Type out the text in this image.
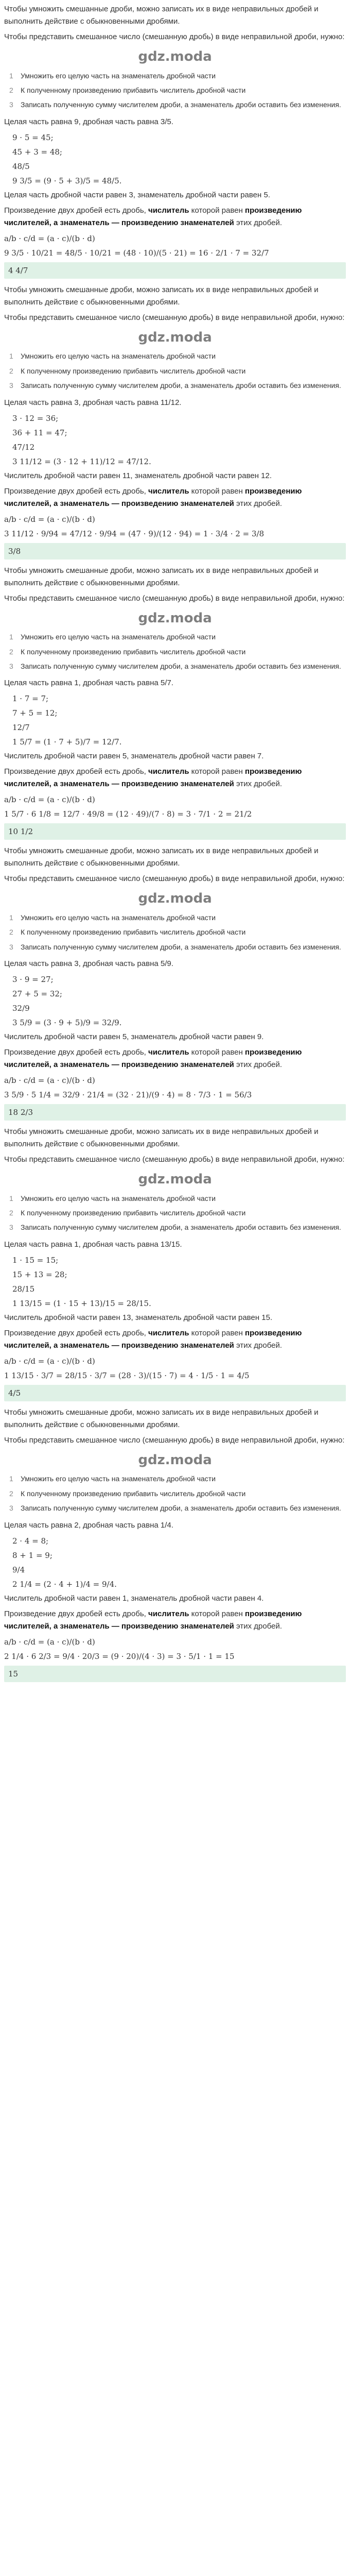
Чтобы умножить смешанные дроби, можно записать их в виде неправильных дробей и выполнить действие с обыкновенными дробями.

Чтобы представить смешанное число (смешанную дробь) в виде неправильной дроби, нужно:

gdz.moda
1	Умножить его целую часть на знаменатель дробной части
2	К полученному произведению прибавить числитель дробной части
3	Записать полученную сумму числителем дроби, а знаменатель дроби оставить без изменения.

Целая часть равна 9, дробная часть равна 3/5.

9 · 5 = 45;
45 + 3 = 48;
48/5
9 3/5 = (9 · 5 + 3)/5 = 48/5.

Целая часть дробной части равен 3, знаменатель дробной части равен 5.

Произведение двух дробей есть дробь, числитель которой равен произведению числителей, а знаменатель — произведению знаменателей этих дробей.

a/b · c/d = (a · c)/(b · d)
9 3/5 · 10/21 = 48/5 · 10/21 = (48 · 10)/(5 · 21) = 16 · 2/1 · 7 = 32/7
4 4/7

Чтобы умножить смешанные дроби, можно записать их в виде неправильных дробей и выполнить действие с обыкновенными дробями.

Чтобы представить смешанное число (смешанную дробь) в виде неправильной дроби, нужно:

gdz.moda
1	Умножить его целую часть на знаменатель дробной части
2	К полученному произведению прибавить числитель дробной части
3	Записать полученную сумму числителем дроби, а знаменатель дроби оставить без изменения.

Целая часть равна 3, дробная часть равна 11/12.

3 · 12 = 36;
36 + 11 = 47;
47/12
3 11/12 = (3 · 12 + 11)/12 = 47/12.

Числитель дробной части равен 11, знаменатель дробной части равен 12.

Произведение двух дробей есть дробь, числитель которой равен произведению числителей, а знаменатель — произведению знаменателей этих дробей.

a/b · c/d = (a · c)/(b · d)
3 11/12 · 9/94 = 47/12 · 9/94 = (47 · 9)/(12 · 94) = 1 · 3/4 · 2 = 3/8
3/8

Чтобы умножить смешанные дроби, можно записать их в виде неправильных дробей и выполнить действие с обыкновенными дробями.

Чтобы представить смешанное число (смешанную дробь) в виде неправильной дроби, нужно:

gdz.moda
1	Умножить его целую часть на знаменатель дробной части
2	К полученному произведению прибавить числитель дробной части
3	Записать полученную сумму числителем дроби, а знаменатель дроби оставить без изменения.

Целая часть равна 1, дробная часть равна 5/7.

1 · 7 = 7;
7 + 5 = 12;
12/7
1 5/7 = (1 · 7 + 5)/7 = 12/7.

Числитель дробной части равен 5, знаменатель дробной части равен 7.

Произведение двух дробей есть дробь, числитель которой равен произведению числителей, а знаменатель — произведению знаменателей этих дробей.

a/b · c/d = (a · c)/(b · d)
1 5/7 · 6 1/8 = 12/7 · 49/8 = (12 · 49)/(7 · 8) = 3 · 7/1 · 2 = 21/2
10 1/2

Чтобы умножить смешанные дроби, можно записать их в виде неправильных дробей и выполнить действие с обыкновенными дробями.

Чтобы представить смешанное число (смешанную дробь) в виде неправильной дроби, нужно:

gdz.moda
1	Умножить его целую часть на знаменатель дробной части
2	К полученному произведению прибавить числитель дробной части
3	Записать полученную сумму числителем дроби, а знаменатель дроби оставить без изменения.

Целая часть равна 3, дробная часть равна 5/9.

3 · 9 = 27;
27 + 5 = 32;
32/9
3 5/9 = (3 · 9 + 5)/9 = 32/9.

Числитель дробной части равен 5, знаменатель дробной части равен 9.

Произведение двух дробей есть дробь, числитель которой равен произведению числителей, а знаменатель — произведению знаменателей этих дробей.

a/b · c/d = (a · c)/(b · d)
3 5/9 · 5 1/4 = 32/9 · 21/4 = (32 · 21)/(9 · 4) = 8 · 7/3 · 1 = 56/3
18 2/3

Чтобы умножить смешанные дроби, можно записать их в виде неправильных дробей и выполнить действие с обыкновенными дробями.

Чтобы представить смешанное число (смешанную дробь) в виде неправильной дроби, нужно:

gdz.moda
1	Умножить его целую часть на знаменатель дробной части
2	К полученному произведению прибавить числитель дробной части
3	Записать полученную сумму числителем дроби, а знаменатель дроби оставить без изменения.

Целая часть равна 1, дробная часть равна 13/15.

1 · 15 = 15;
15 + 13 = 28;
28/15
1 13/15 = (1 · 15 + 13)/15 = 28/15.

Числитель дробной части равен 13, знаменатель дробной части равен 15.

Произведение двух дробей есть дробь, числитель которой равен произведению числителей, а знаменатель — произведению знаменателей этих дробей.

a/b · c/d = (a · c)/(b · d)
1 13/15 · 3/7 = 28/15 · 3/7 = (28 · 3)/(15 · 7) = 4 · 1/5 · 1 = 4/5
4/5

Чтобы умножить смешанные дроби, можно записать их в виде неправильных дробей и выполнить действие с обыкновенными дробями.

Чтобы представить смешанное число (смешанную дробь) в виде неправильной дроби, нужно:

gdz.moda
1	Умножить его целую часть на знаменатель дробной части
2	К полученному произведению прибавить числитель дробной части
3	Записать полученную сумму числителем дроби, а знаменатель дроби оставить без изменения.

Целая часть равна 2, дробная часть равна 1/4.

2 · 4 = 8;
8 + 1 = 9;
9/4
2 1/4 = (2 · 4 + 1)/4 = 9/4.

Числитель дробной части равен 1, знаменатель дробной части равен 4.

Произведение двух дробей есть дробь, числитель которой равен произведению числителей, а знаменатель — произведению знаменателей этих дробей.

a/b · c/d = (a · c)/(b · d)
2 1/4 · 6 2/3 = 9/4 · 20/3 = (9 · 20)/(4 · 3) = 3 · 5/1 · 1 = 15
15
